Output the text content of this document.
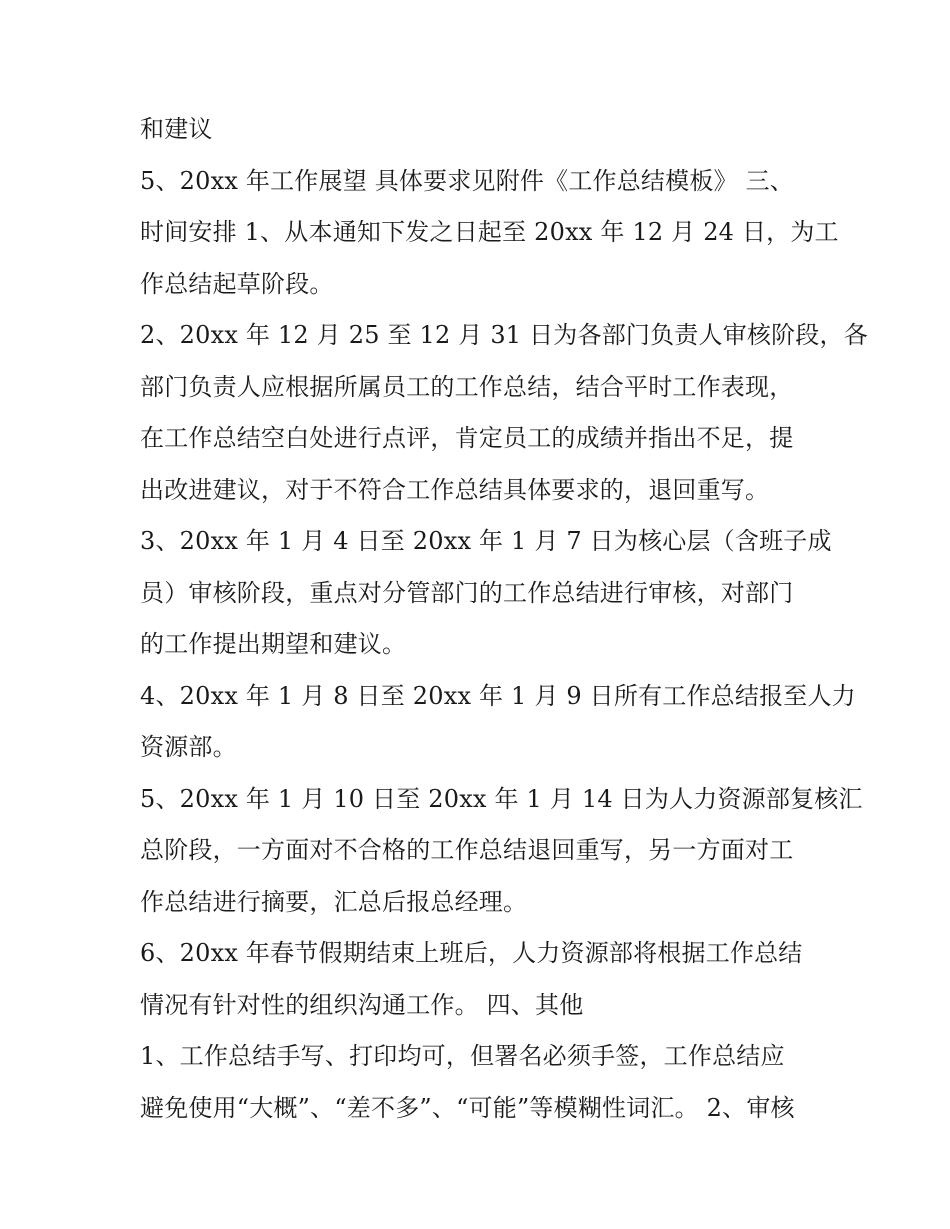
和建议
5、20xx 年工作展望 具体要求见附件《工作总结模板》 三、
时间安排 1、从本通知下发之日起至 20xx 年 12 月 24 日，为工
作总结起草阶段。
2、20xx 年 12 月 25 至 12 月 31 日为各部门负责人审核阶段，各
部门负责人应根据所属员工的工作总结，结合平时工作表现，
在工作总结空白处进行点评，肯定员工的成绩并指出不足，提
出改进建议，对于不符合工作总结具体要求的，退回重写。
3、20xx 年 1 月 4 日至 20xx 年 1 月 7 日为核心层（含班子成
员）审核阶段，重点对分管部门的工作总结进行审核，对部门
的工作提出期望和建议。
4、20xx 年 1 月 8 日至 20xx 年 1 月 9 日所有工作总结报至人力
资源部。
5、20xx 年 1 月 10 日至 20xx 年 1 月 14 日为人力资源部复核汇
总阶段，一方面对不合格的工作总结退回重写，另一方面对工
作总结进行摘要，汇总后报总经理。
6、20xx 年春节假期结束上班后，人力资源部将根据工作总结
情况有针对性的组织沟通工作。 四、其他
1、工作总结手写、打印均可，但署名必须手签，工作总结应
避免使用“大概”、“差不多”、“可能”等模糊性词汇。 2、审核
